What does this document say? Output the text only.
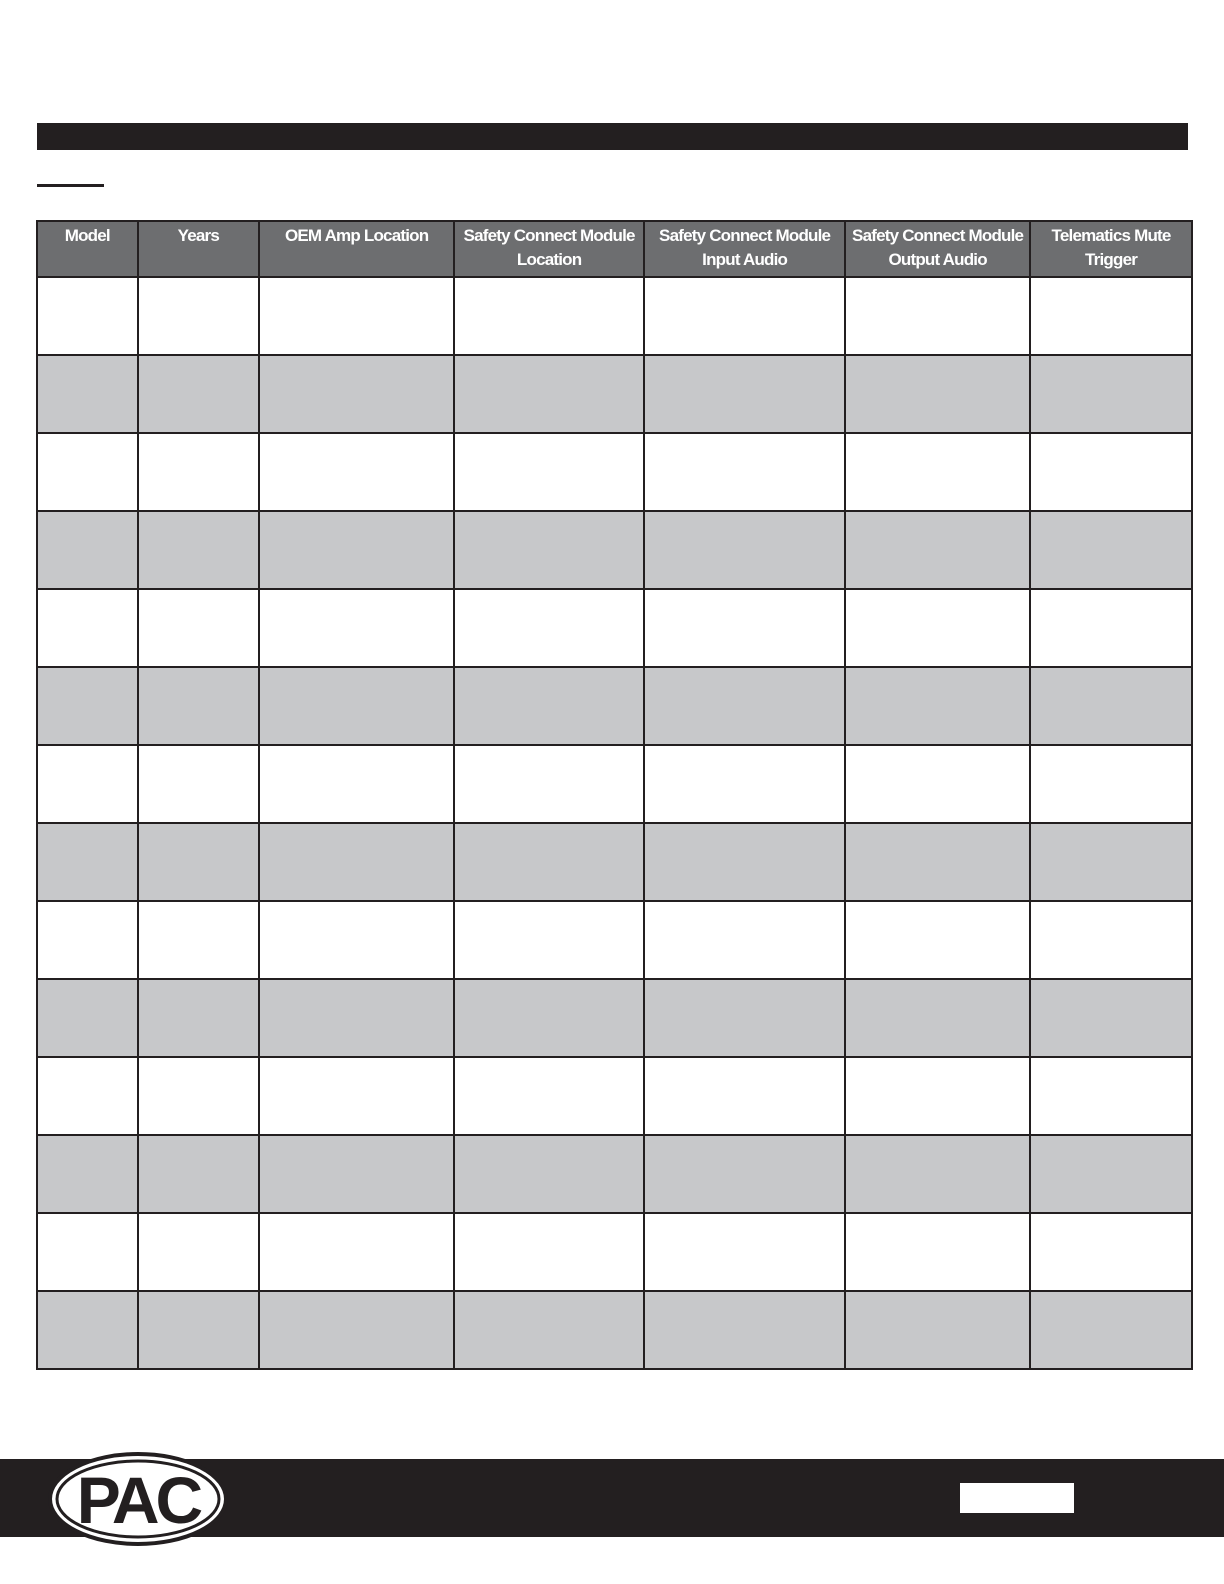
Model	Years	OEM Amp Location	Safety Connect Module Location	Safety Connect Module Input Audio	Safety Connect Module Output Audio	Telematics Mute Trigger

PAC
